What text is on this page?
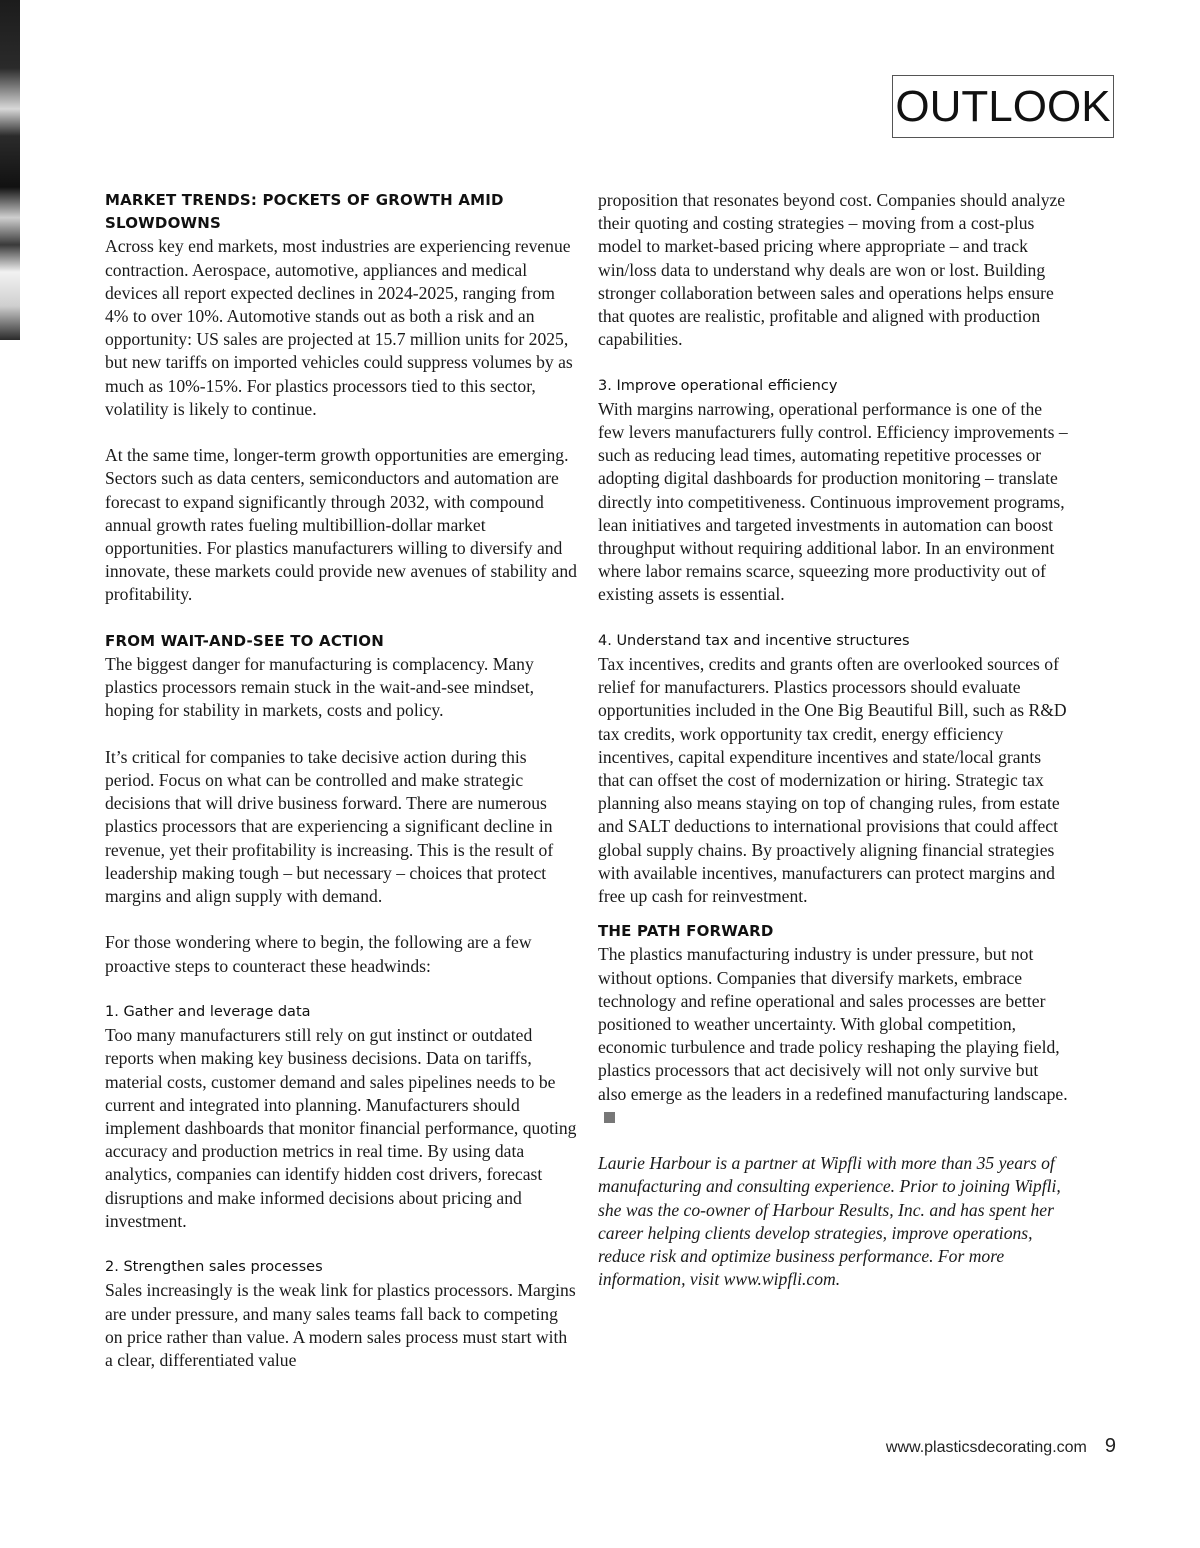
OUTLOOK
MARKET TRENDS: POCKETS OF GROWTH AMID SLOWDOWNS

Across key end markets, most industries are experiencing revenue contraction. Aerospace, automotive, appliances and medical devices all report expected declines in 2024-2025, ranging from 4% to over 10%. Automotive stands out as both a risk and an opportunity: US sales are projected at 15.7 million units for 2025, but new tariffs on imported vehicles could suppress volumes by as much as 10%-15%. For plastics processors tied to this sector, volatility is likely to continue.

At the same time, longer-term growth opportunities are emerging. Sectors such as data centers, semiconductors and automation are forecast to expand significantly through 2032, with compound annual growth rates fueling multibillion-dollar market opportunities. For plastics manufacturers willing to diversify and innovate, these markets could provide new avenues of stability and profitability.

FROM WAIT-AND-SEE TO ACTION

The biggest danger for manufacturing is complacency. Many plastics processors remain stuck in the wait-and-see mindset, hoping for stability in markets, costs and policy.

It’s critical for companies to take decisive action during this period. Focus on what can be controlled and make strategic decisions that will drive business forward. There are numerous plastics processors that are experiencing a significant decline in revenue, yet their profitability is increasing. This is the result of leadership making tough – but necessary – choices that protect margins and align supply with demand.

For those wondering where to begin, the following are a few proactive steps to counteract these headwinds:

1. Gather and leverage data

Too many manufacturers still rely on gut instinct or outdated reports when making key business decisions. Data on tariffs, material costs, customer demand and sales pipelines needs to be current and integrated into planning. Manufacturers should implement dashboards that monitor financial performance, quoting accuracy and production metrics in real time. By using data analytics, companies can identify hidden cost drivers, forecast disruptions and make informed decisions about pricing and investment.

2. Strengthen sales processes

Sales increasingly is the weak link for plastics processors. Margins are under pressure, and many sales teams fall back to competing on price rather than value. A modern sales process must start with a clear, differentiated value

proposition that resonates beyond cost. Companies should analyze their quoting and costing strategies – moving from a cost-plus model to market-based pricing where appropriate – and track win/loss data to understand why deals are won or lost. Building stronger collaboration between sales and operations helps ensure that quotes are realistic, profitable and aligned with production capabilities.

3. Improve operational efficiency

With margins narrowing, operational performance is one of the few levers manufacturers fully control. Efficiency improvements – such as reducing lead times, automating repetitive processes or adopting digital dashboards for production monitoring – translate directly into competitiveness. Continuous improvement programs, lean initiatives and targeted investments in automation can boost throughput without requiring additional labor. In an environment where labor remains scarce, squeezing more productivity out of existing assets is essential.

4. Understand tax and incentive structures

Tax incentives, credits and grants often are overlooked sources of relief for manufacturers. Plastics processors should evaluate opportunities included in the One Big Beautiful Bill, such as R&D tax credits, work opportunity tax credit, energy efficiency incentives, capital expenditure incentives and state/local grants that can offset the cost of modernization or hiring. Strategic tax planning also means staying on top of changing rules, from estate and SALT deductions to international provisions that could affect global supply chains. By proactively aligning financial strategies with available incentives, manufacturers can protect margins and free up cash for reinvestment.

THE PATH FORWARD

The plastics manufacturing industry is under pressure, but not without options. Companies that diversify markets, embrace technology and refine operational and sales processes are better positioned to weather uncertainty. With global competition, economic turbulence and trade policy reshaping the playing field, plastics processors that act decisively will not only survive but also emerge as the leaders in a redefined manufacturing landscape.

Laurie Harbour is a partner at Wipfli with more than 35 years of manufacturing and consulting experience. Prior to joining Wipfli, she was the co-owner of Harbour Results, Inc. and has spent her career helping clients develop strategies, improve operations, reduce risk and optimize business performance. For more information, visit www.wipfli.com.

www.plasticsdecorating.com 9
